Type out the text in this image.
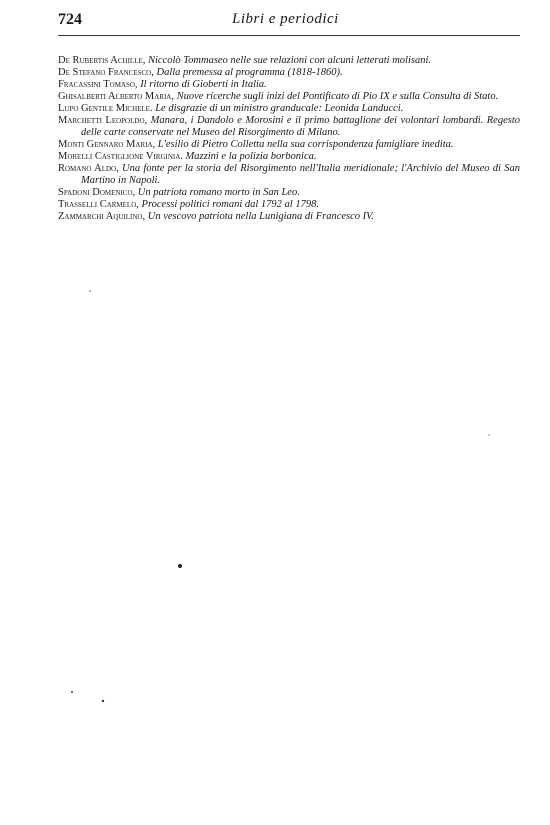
724	Libri e periodici
De Rubertis Achille, Niccolò Tommaseo nelle sue relazioni con alcuni letterati molisani.
De Stefano Francesco, Dalla premessa al programma (1818-1860).
Fracassini Tomaso, Il ritorno di Gioberti in Italia.
Ghisalberti Alberto Maria, Nuove ricerche sugli inizi del Pontificato di Pio IX e sulla Consulta di Stato.
Lupo Gentile Michele. Le disgrazie di un ministro granducale: Leonida Landucci.
Marchetti Leopoldo, Manara, i Dandolo e Morosini e il primo battaglione dei volontari lombardi. Regesto delle carte conservate nel Museo del Risorgimento di Milano.
Monti Gennaro Maria, L'esilio di Pietro Colletta nella sua corrispondenza famigliare inedita.
Morelli Castiglione Virginia. Mazzini e la polizia borbonica.
Romano Aldo, Una fonte per la storia del Risorgimento nell'Italia meridionale; l'Archivio del Museo di San Martino in Napoli.
Spadoni Domenico, Un patriota romano morto in San Leo.
Trasselli Carmelo, Processi politici romani dal 1792 al 1798.
Zammarchi Aquilino, Un vescovo patriota nella Lunigiana di Francesco IV.
